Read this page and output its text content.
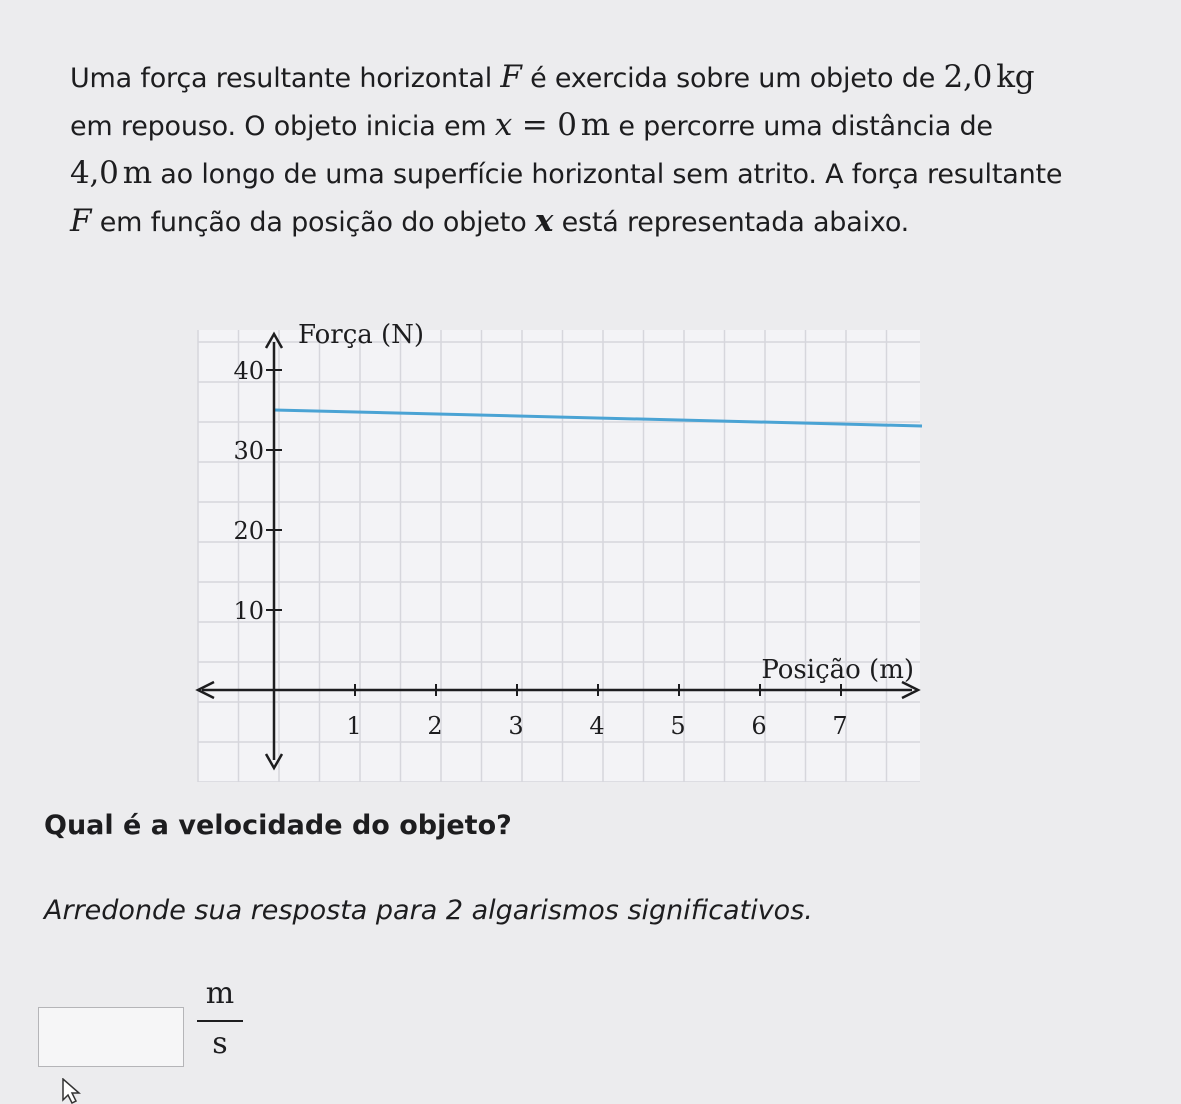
Uma força resultante horizontal F é exercida sobre um objeto de 2,0 kg
em repouso. O objeto inicia em x = 0 m e percorre uma distância de
4,0 m ao longo de uma superfície horizontal sem atrito. A força resultante
F em função da posição do objeto x está representada abaixo.
1	2	3	4	5	6	7
10
20
30
40
Força (N)
Posição (m)
Qual é a velocidade do objeto?
Arredonde sua resposta para 2 algarismos significativos.
m
s
